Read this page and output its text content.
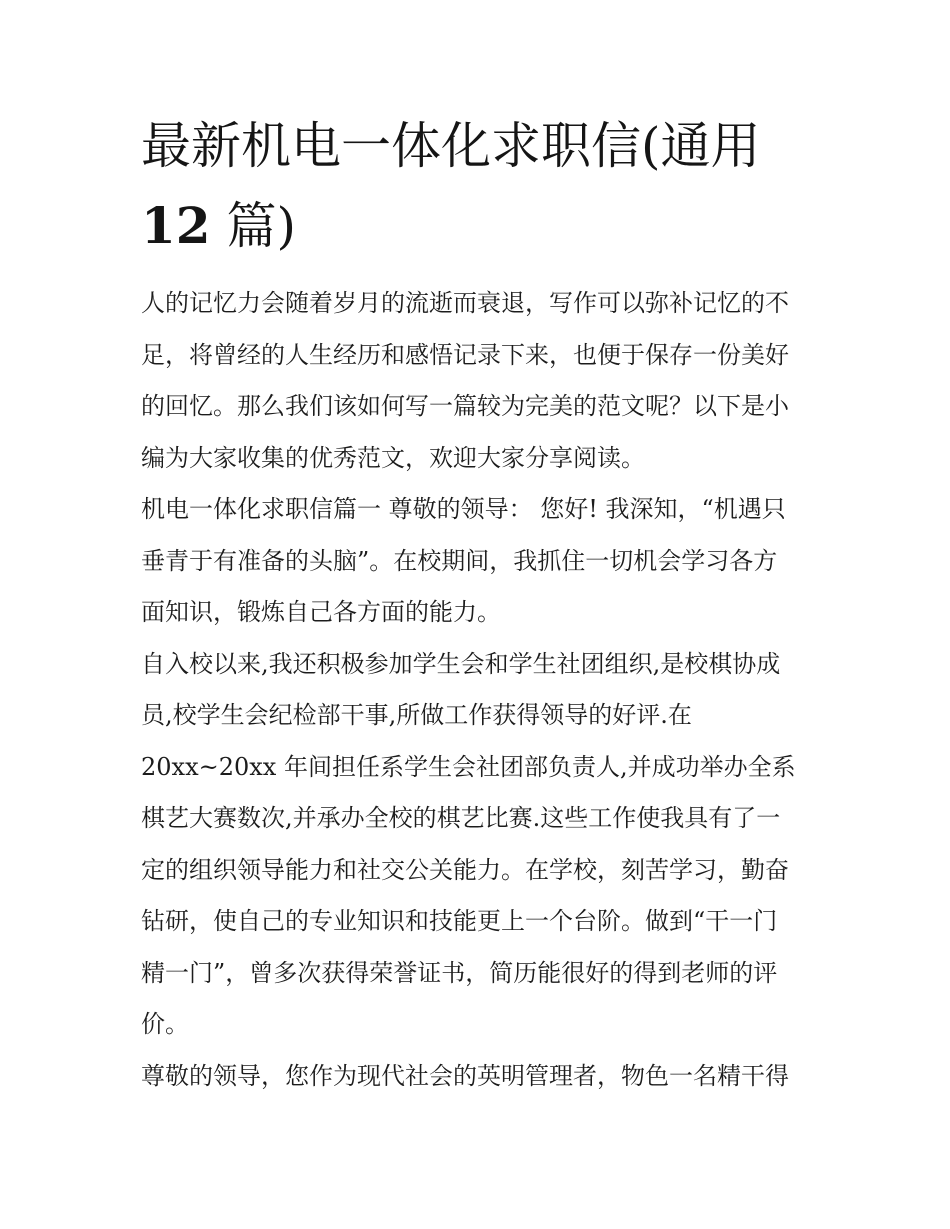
最新机电一体化求职信(通用
12 篇)
人的记忆力会随着岁月的流逝而衰退，写作可以弥补记忆的不
足，将曾经的人生经历和感悟记录下来，也便于保存一份美好
的回忆。那么我们该如何写一篇较为完美的范文呢？以下是小
编为大家收集的优秀范文，欢迎大家分享阅读。
机电一体化求职信篇一 尊敬的领导： 您好! 我深知，“机遇只
垂青于有准备的头脑”。在校期间，我抓住一切机会学习各方
面知识，锻炼自己各方面的能力。
自入校以来,我还积极参加学生会和学生社团组织,是校棋协成
员,校学生会纪检部干事,所做工作获得领导的好评.在
20xx~20xx 年间担任系学生会社团部负责人,并成功举办全系
棋艺大赛数次,并承办全校的棋艺比赛.这些工作使我具有了一
定的组织领导能力和社交公关能力。在学校，刻苦学习，勤奋
钻研，使自己的专业知识和技能更上一个台阶。做到“干一门
精一门”，曾多次获得荣誉证书，简历能很好的得到老师的评
价。
尊敬的领导，您作为现代社会的英明管理者，物色一名精干得
